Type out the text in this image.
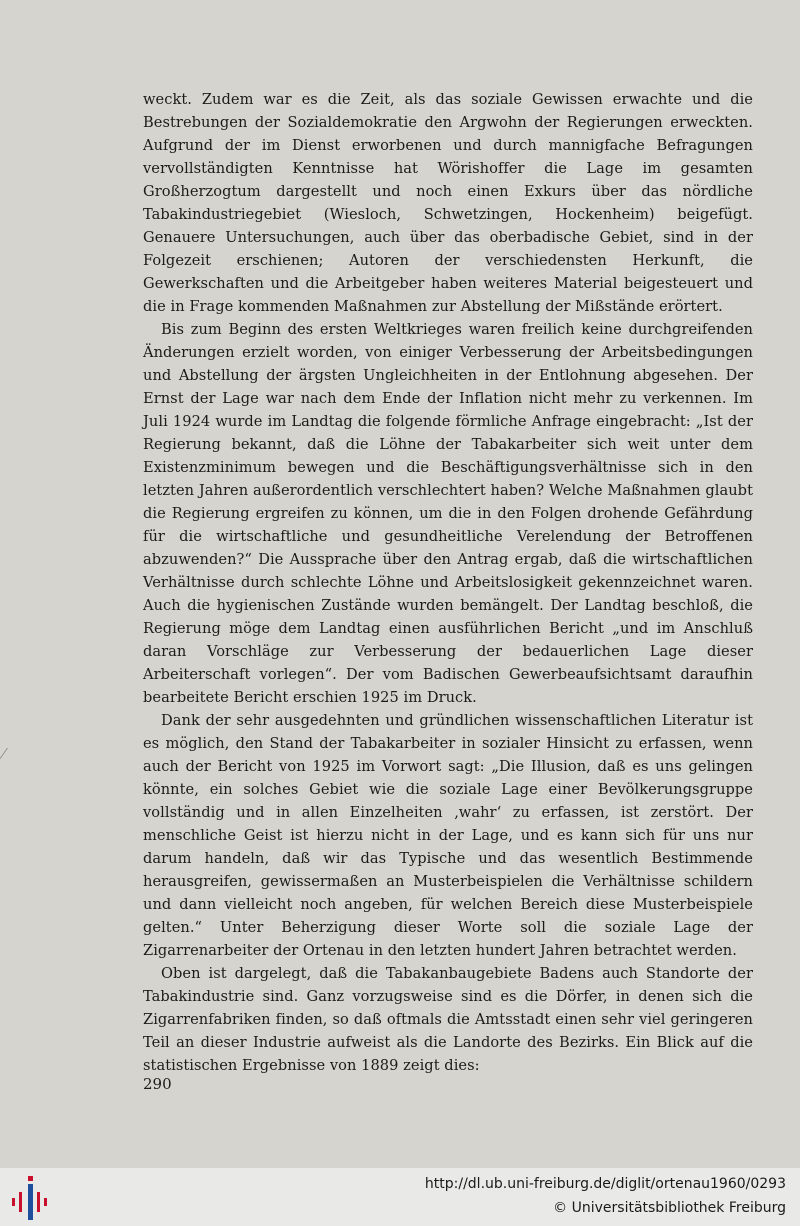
weckt. Zudem war es die Zeit, als das soziale Gewissen erwachte und die Bestrebungen der Sozialdemokratie den Argwohn der Regierungen erweckten. Aufgrund der im Dienst erworbenen und durch mannigfache Befragungen vervollständigten Kenntnisse hat Wörishoffer die Lage im gesamten Großherzogtum dargestellt und noch einen Exkurs über das nördliche Tabakindustriegebiet (Wiesloch, Schwetzingen, Hockenheim) beigefügt. Genauere Untersuchungen, auch über das oberbadische Gebiet, sind in der Folgezeit erschienen; Autoren der verschiedensten Herkunft, die Gewerkschaften und die Arbeitgeber haben weiteres Material beigesteuert und die in Frage kommenden Maßnahmen zur Abstellung der Mißstände erörtert.

Bis zum Beginn des ersten Weltkrieges waren freilich keine durchgreifenden Änderungen erzielt worden, von einiger Verbesserung der Arbeitsbedingungen und Abstellung der ärgsten Ungleichheiten in der Entlohnung abgesehen. Der Ernst der Lage war nach dem Ende der Inflation nicht mehr zu verkennen. Im Juli 1924 wurde im Landtag die folgende förmliche Anfrage eingebracht: „Ist der Regierung bekannt, daß die Löhne der Tabakarbeiter sich weit unter dem Existenzminimum bewegen und die Beschäftigungsverhältnisse sich in den letzten Jahren außerordentlich verschlechtert haben? Welche Maßnahmen glaubt die Regierung ergreifen zu können, um die in den Folgen drohende Gefährdung für die wirtschaftliche und gesundheitliche Verelendung der Betroffenen abzuwenden?“ Die Aussprache über den Antrag ergab, daß die wirtschaftlichen Verhältnisse durch schlechte Löhne und Arbeitslosigkeit gekennzeichnet waren. Auch die hygienischen Zustände wurden bemängelt. Der Landtag beschloß, die Regierung möge dem Landtag einen ausführlichen Bericht „und im Anschluß daran Vorschläge zur Verbesserung der bedauerlichen Lage dieser Arbeiterschaft vorlegen“. Der vom Badischen Gewerbeaufsichtsamt daraufhin bearbeitete Bericht erschien 1925 im Druck.

Dank der sehr ausgedehnten und gründlichen wissenschaftlichen Literatur ist es möglich, den Stand der Tabakarbeiter in sozialer Hinsicht zu erfassen, wenn auch der Bericht von 1925 im Vorwort sagt: „Die Illusion, daß es uns gelingen könnte, ein solches Gebiet wie die soziale Lage einer Bevölkerungsgruppe vollständig und in allen Einzelheiten ‚wahr‘ zu erfassen, ist zerstört. Der menschliche Geist ist hierzu nicht in der Lage, und es kann sich für uns nur darum handeln, daß wir das Typische und das wesentlich Bestimmende herausgreifen, gewissermaßen an Musterbeispielen die Verhältnisse schildern und dann vielleicht noch angeben, für welchen Bereich diese Musterbeispiele gelten.“ Unter Beherzigung dieser Worte soll die soziale Lage der Zigarrenarbeiter der Ortenau in den letzten hundert Jahren betrachtet werden.

Oben ist dargelegt, daß die Tabakanbaugebiete Badens auch Standorte der Tabakindustrie sind. Ganz vorzugsweise sind es die Dörfer, in denen sich die Zigarrenfabriken finden, so daß oftmals die Amtsstadt einen sehr viel geringeren Teil an dieser Industrie aufweist als die Landorte des Bezirks. Ein Blick auf die statistischen Ergebnisse von 1889 zeigt dies:

290
http://dl.ub.uni-freiburg.de/diglit/ortenau1960/0293
© Universitätsbibliothek Freiburg
